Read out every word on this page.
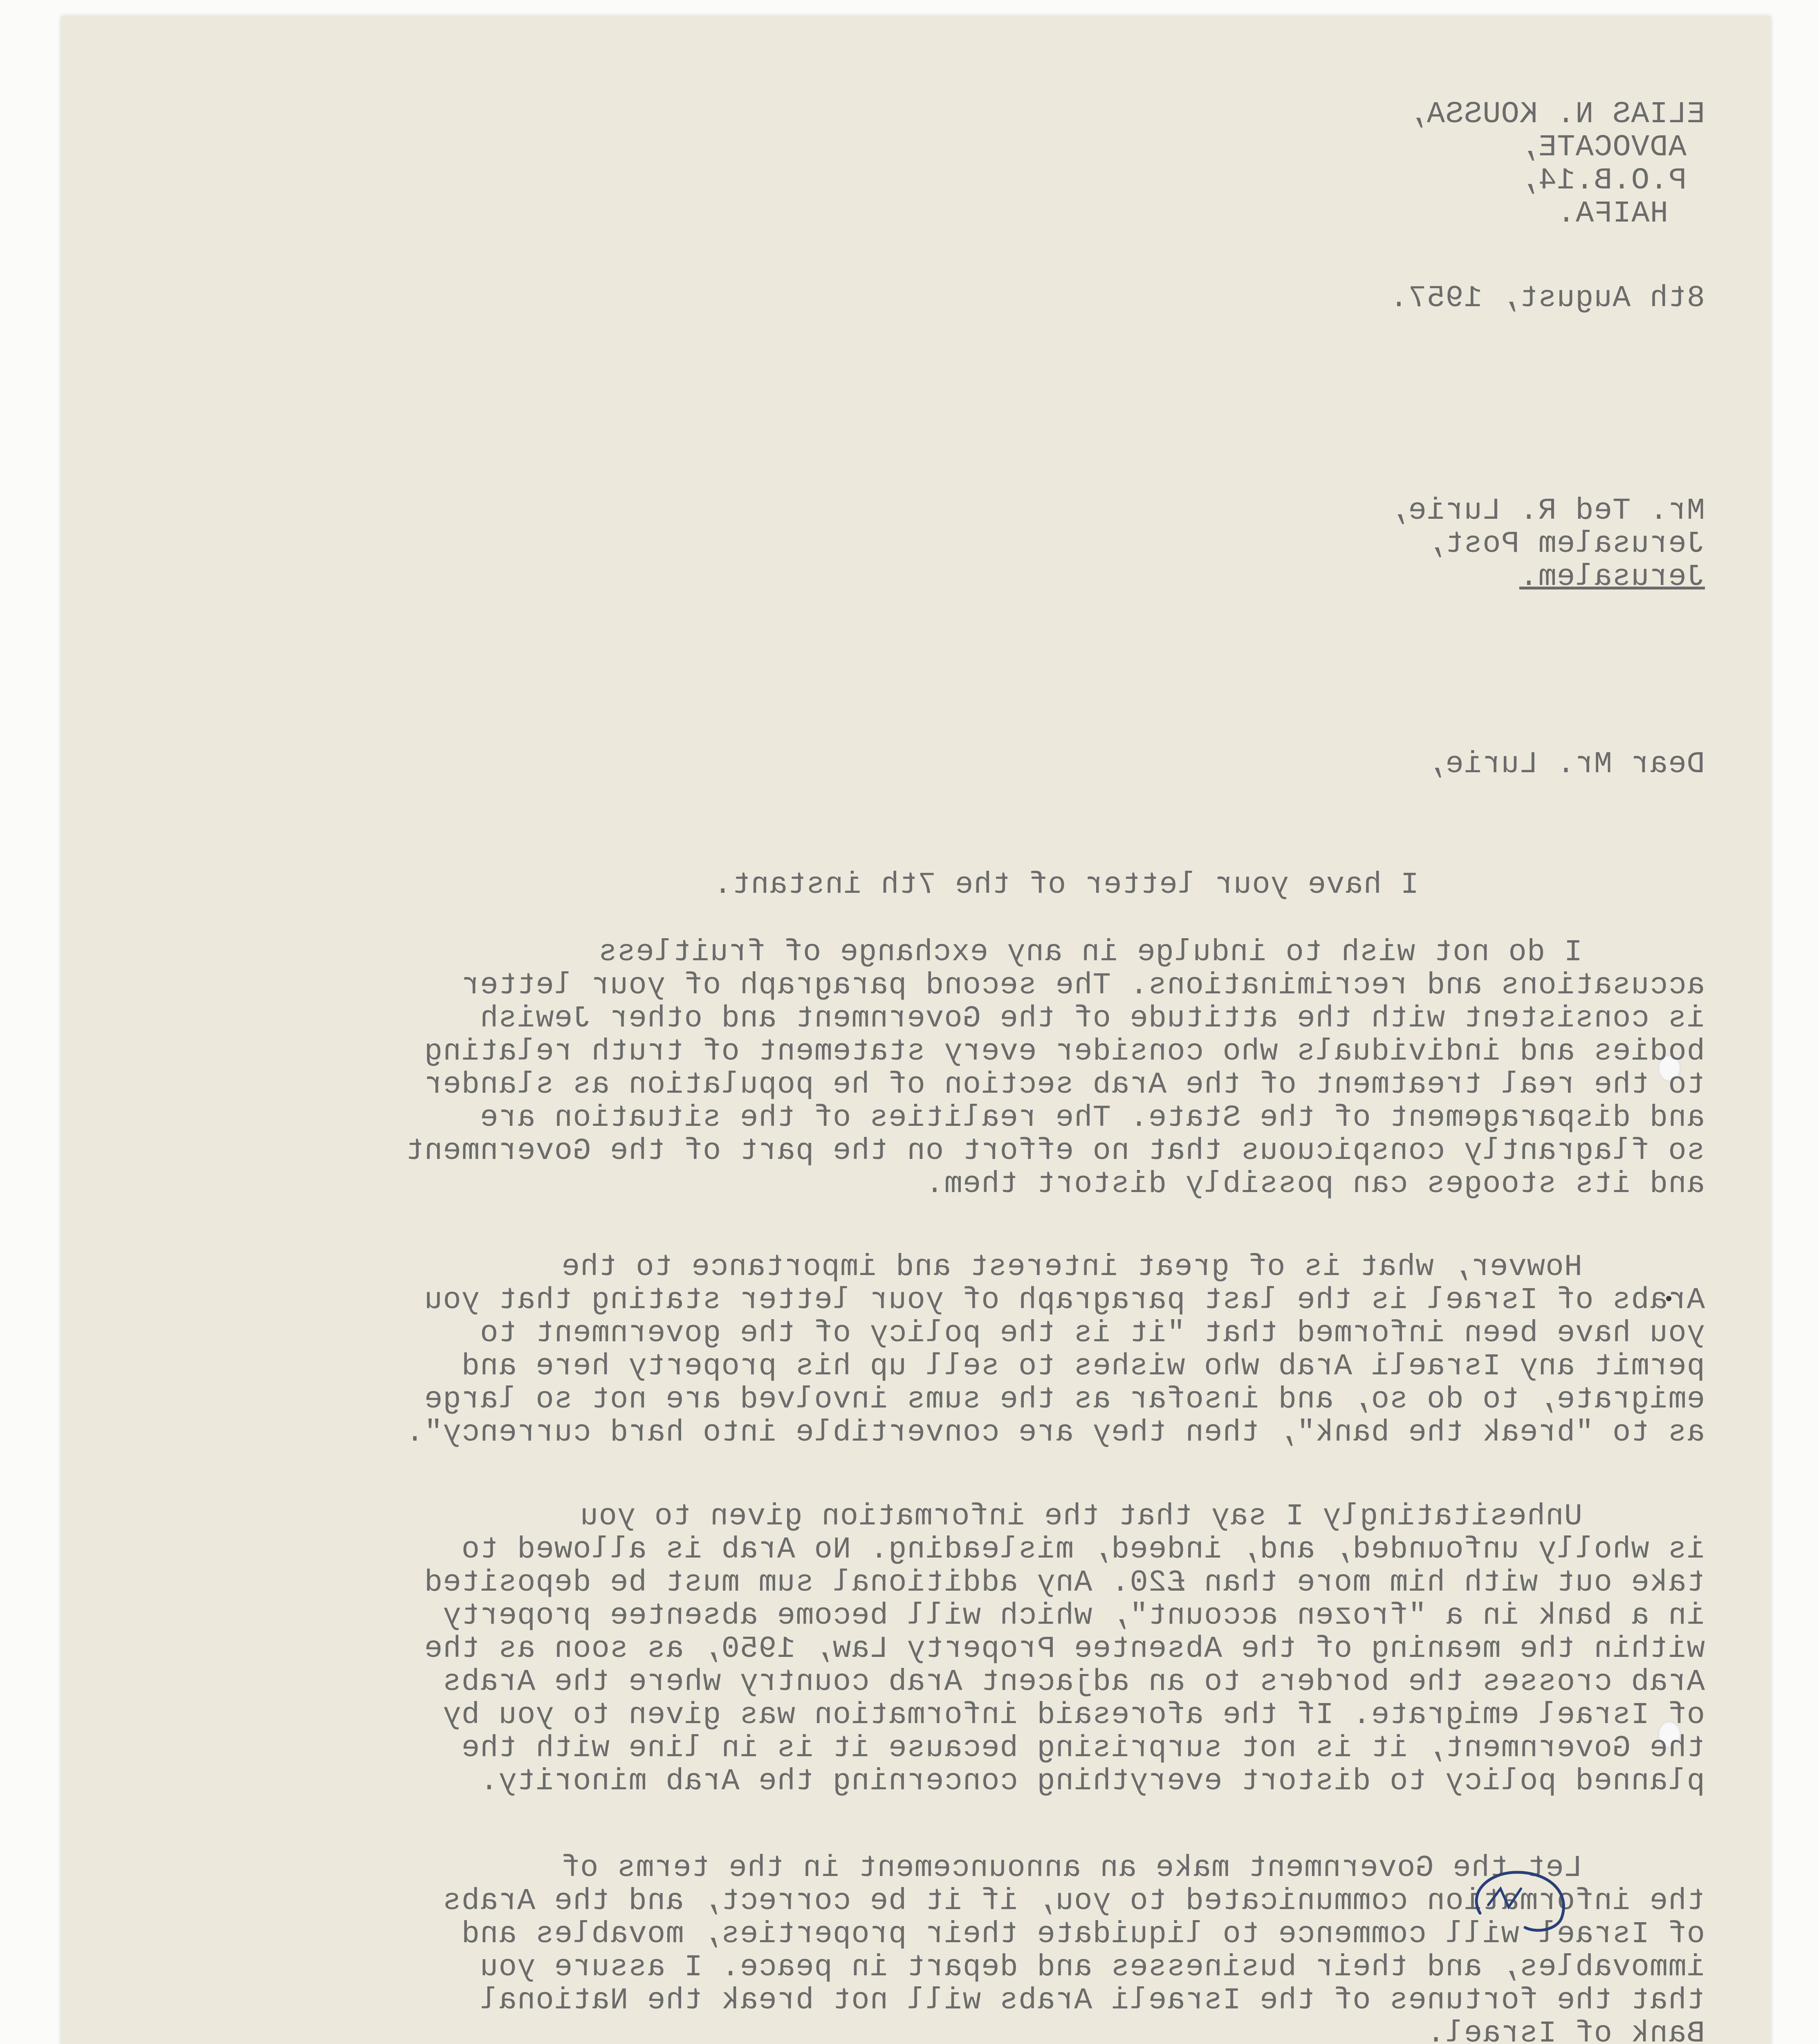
ELIAS N. KOUSSA,
ADVOCATE,
P.O.B.14,
HAIFA.
8th August, 1957.
Mr. Ted R. Lurie,
Jerusalem Post,
Jerusalem.
Dear Mr. Lurie,
I have your letter of the 7th instant.
I do not wish to indulge in any exchange of fruitless
accusations and recriminations. The second paragraph of your letter
is consistent with the attitude of the Government and other Jewish
bodies and individuals who consider every statement of truth relating
to the real treatment of the Arab section of he population as slander
and disparagement of the State. The realities of the situation are
so flagrantly conspicuous that no effort on the part of the Government
and its stooges can possibly distort them.
Howver, what is of great interest and importance to the
Arabs of Israel is the last paragraph of your letter stating that you
you have been informed that "it is the policy of the government to
permit any Israeli Arab who wishes to sell up his property here and
emigrate, to do so, and insofar as the sums involved are not so large
as to "break the bank", then they are convertible into hard currency".
Unhesitatingly I say that the information given to you
is wholly unfounded, and, indeed, misleading. No Arab is allowed to
take out with him more than £20. Any additional sum must be deposited
in a bank in a "frozen account", which will become absentee property
within the meaning of the Absentee Property Law, 1950, as soon as the
Arab crosses the borders to an adjacent Arab country where the Arabs
of Israel emigrate. If the aforesaid information was given to you by
the Government, it is not surprising because it is in line with the
planned policy to distort everything concerning the Arab minority.
Let the Government make an announcement in the terms of
the information communicated to you, if it be correct, and the Arabs
of Israel will commence to liquidate their properties, movables and
immovables, and their businesses and depart in peace. I assure you
that the fortunes of the Israeli Arabs will not break the National
Bank of Israel.
